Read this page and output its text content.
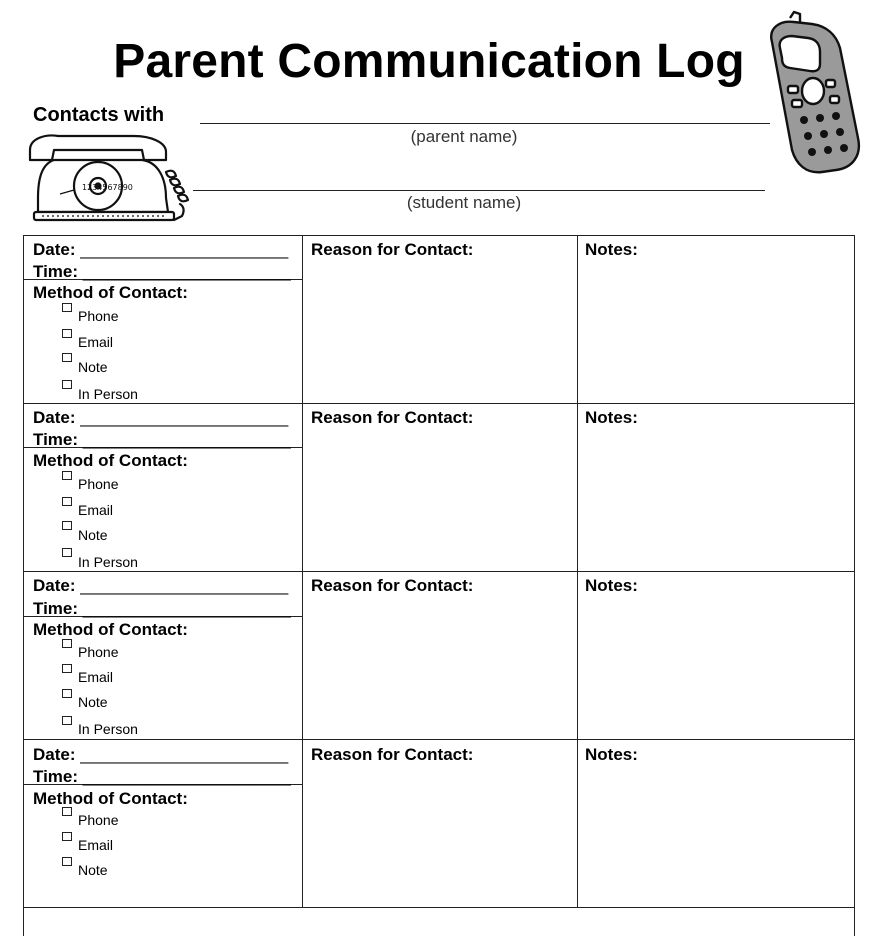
Parent Communication Log
Contacts with
(parent name)
(student name)
1234567890
Date: ______________________
Time: ______________________
Method of Contact:
Phone
Email
Note
In Person
Reason for Contact:	Notes:
Date: ______________________
Time: ______________________
Method of Contact:
Phone
Email
Note
In Person
Reason for Contact:	Notes:
Date: ______________________
Time: ______________________
Method of Contact:
Phone
Email
Note
In Person
Reason for Contact:	Notes:
Date: ______________________
Time: ______________________
Method of Contact:
Phone
Email
Note
Reason for Contact:	Notes:
